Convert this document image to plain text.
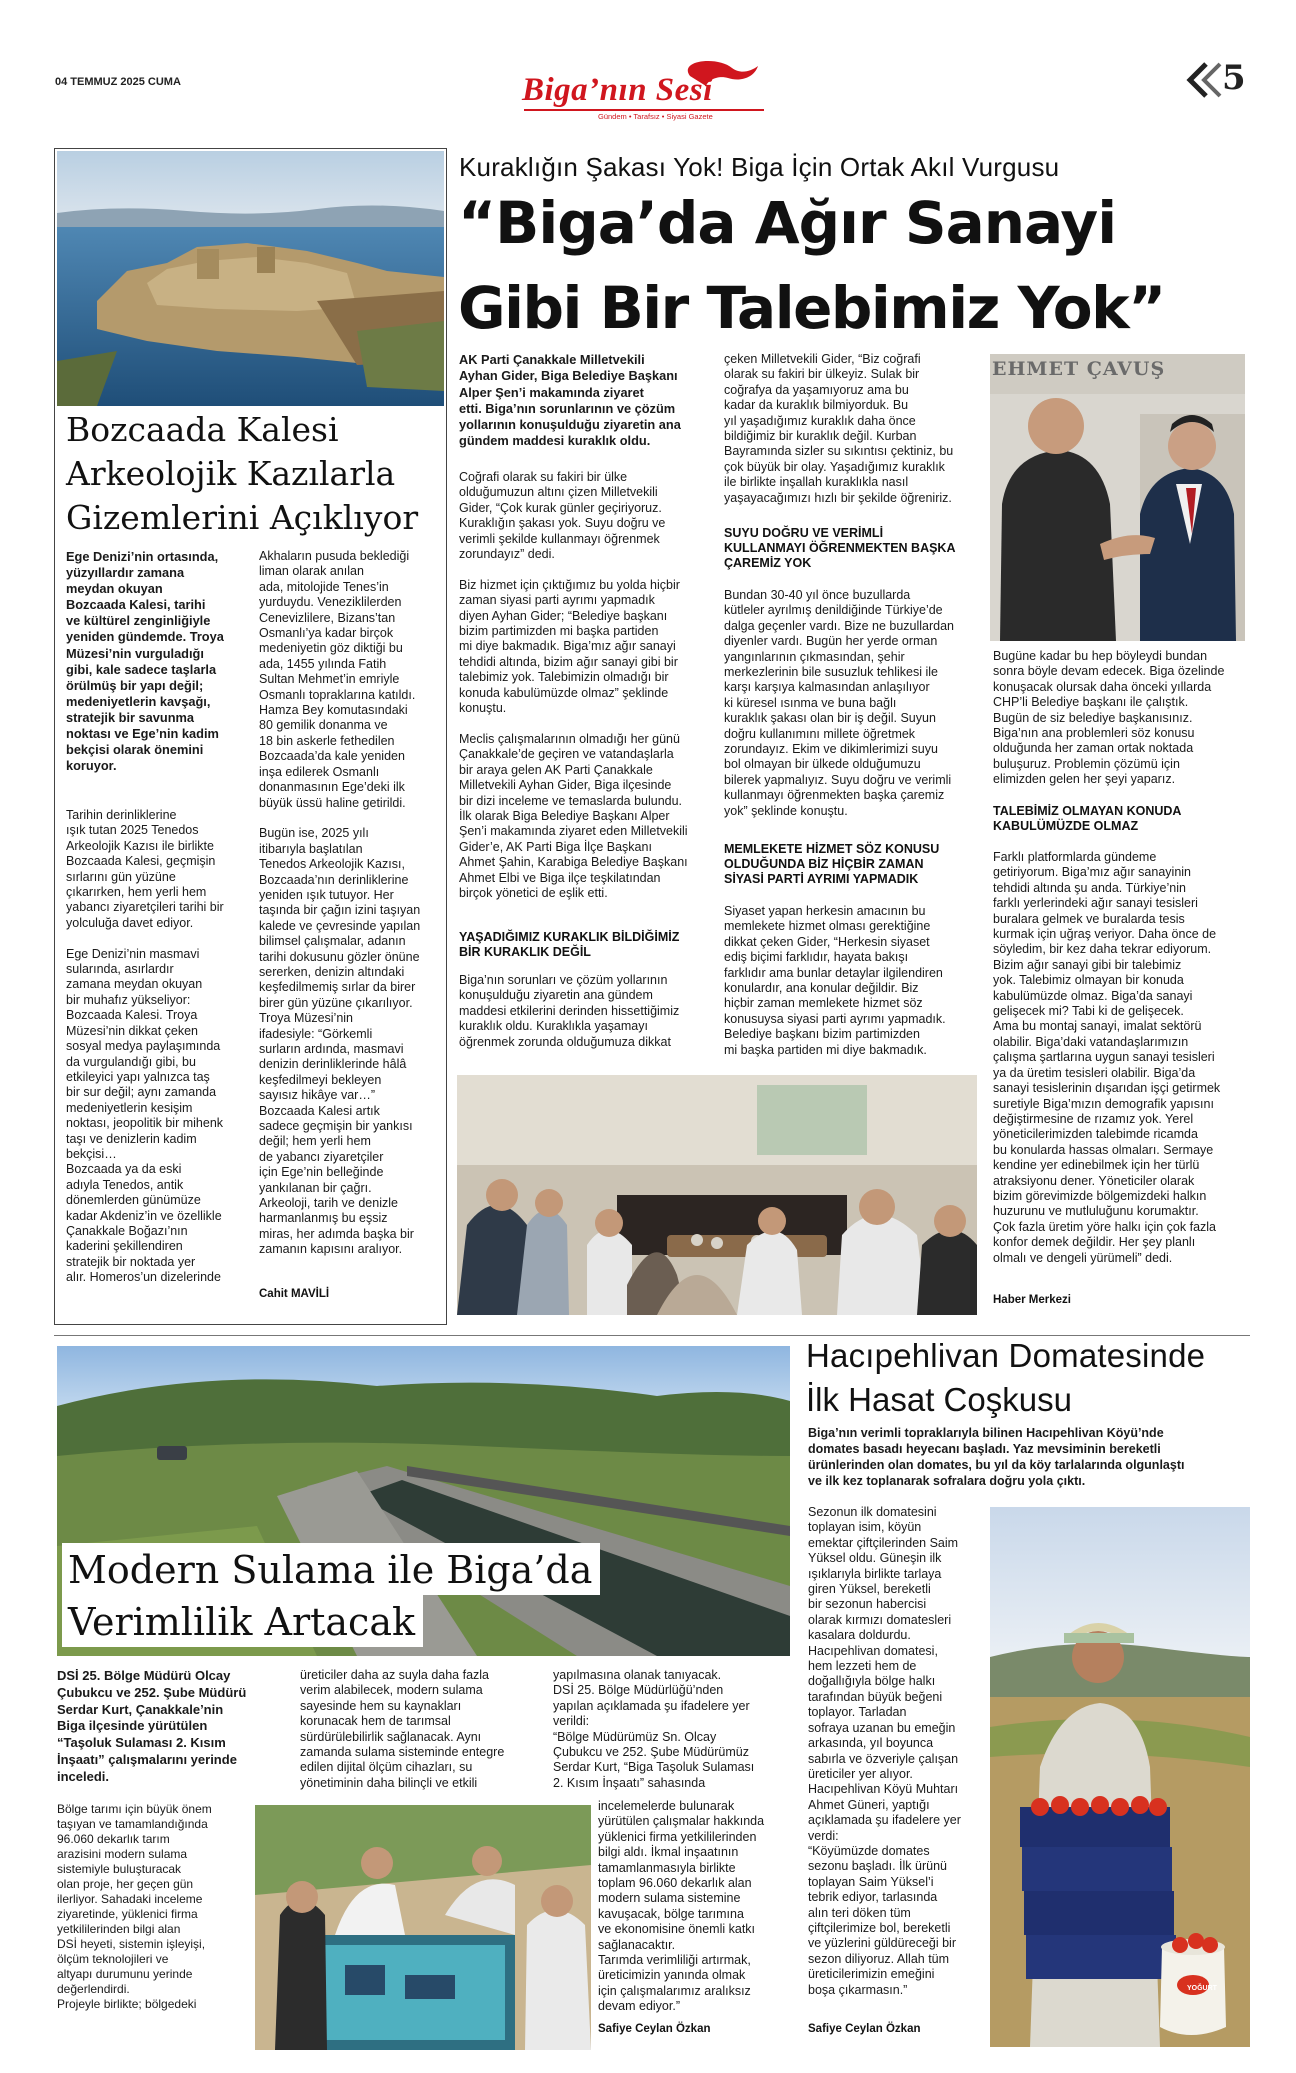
04 TEMMUZ 2025 CUMA	Biga’nın Sesi
Gündem • Tarafsız • Siyasi Gazete
5
Bozcaada Kalesi
Arkeolojik Kazılarla
Gizemlerini Açıklıyor
Ege Denizi’nin ortasında,
yüzyıllardır zamana
meydan okuyan
Bozcaada Kalesi, tarihi
ve kültürel zenginliğiyle
yeniden gündemde. Troya
Müzesi’nin vurguladığı
gibi, kale sadece taşlarla
örülmüş bir yapı değil;
medeniyetlerin kavşağı,
stratejik bir savunma
noktası ve Ege’nin kadim
bekçisi olarak önemini
koruyor.
Tarihin derinliklerine
ışık tutan 2025 Tenedos
Arkeolojik Kazısı ile birlikte
Bozcaada Kalesi, geçmişin
sırlarını gün yüzüne
çıkarırken, hem yerli hem
yabancı ziyaretçileri tarihi bir
yolculuğa davet ediyor.

Ege Denizi’nin masmavi
sularında, asırlardır
zamana meydan okuyan
bir muhafız yükseliyor:
Bozcaada Kalesi. Troya
Müzesi’nin dikkat çeken
sosyal medya paylaşımında
da vurgulandığı gibi, bu
etkileyici yapı yalnızca taş
bir sur değil; aynı zamanda
medeniyetlerin kesişim
noktası, jeopolitik bir mihenk
taşı ve denizlerin kadim
bekçisi…
Bozcaada ya da eski
adıyla Tenedos, antik
dönemlerden günümüze
kadar Akdeniz’in ve özellikle
Çanakkale Boğazı’nın
kaderini şekillendiren
stratejik bir noktada yer
alır. Homeros’un dizelerinde
Akhaların pusuda beklediği
liman olarak anılan
ada, mitolojide Tenes’in
yurduydu. Veneziklilerden
Cenevizlilere, Bizans’tan
Osmanlı’ya kadar birçok
medeniyetin göz diktiği bu
ada, 1455 yılında Fatih
Sultan Mehmet’in emriyle
Osmanlı topraklarına katıldı.
Hamza Bey komutasındaki
80 gemilik donanma ve
18 bin askerle fethedilen
Bozcaada’da kale yeniden
inşa edilerek Osmanlı
donanmasının Ege’deki ilk
büyük üssü haline getirildi.

Bugün ise, 2025 yılı
itibarıyla başlatılan
Tenedos Arkeolojik Kazısı,
Bozcaada’nın derinliklerine
yeniden ışık tutuyor. Her
taşında bir çağın izini taşıyan
kalede ve çevresinde yapılan
bilimsel çalışmalar, adanın
tarihi dokusunu gözler önüne
sererken, denizin altındaki
keşfedilmemiş sırlar da birer
birer gün yüzüne çıkarılıyor.
Troya Müzesi’nin
ifadesiyle: “Görkemli
surların ardında, masmavi
denizin derinliklerinde hâlâ
keşfedilmeyi bekleyen
sayısız hikâye var…”
Bozcaada Kalesi artık
sadece geçmişin bir yankısı
değil; hem yerli hem
de yabancı ziyaretçiler
için Ege’nin belleğinde
yankılanan bir çağrı.
Arkeoloji, tarih ve denizle
harmanlanmış bu eşsiz
miras, her adımda başka bir
zamanın kapısını aralıyor.
Cahit MAVİLİ
Kuraklığın Şakası Yok! Biga İçin Ortak Akıl Vurgusu
“Biga’da Ağır Sanayi
Gibi Bir Talebimiz Yok”
AK Parti Çanakkale Milletvekili
Ayhan Gider, Biga Belediye Başkanı
Alper Şen’i makamında ziyaret
etti. Biga’nın sorunlarının ve çözüm
yollarının konuşulduğu ziyaretin ana
gündem maddesi kuraklık oldu.
Coğrafi olarak su fakiri bir ülke
olduğumuzun altını çizen Milletvekili
Gider, “Çok kurak günler geçiriyoruz.
Kuraklığın şakası yok. Suyu doğru ve
verimli şekilde kullanmayı öğrenmek
zorundayız” dedi.

Biz hizmet için çıktığımız bu yolda hiçbir
zaman siyasi parti ayrımı yapmadık
diyen Ayhan Gider; “Belediye başkanı
bizim partimizden mi başka partiden
mi diye bakmadık. Biga’mız ağır sanayi
tehdidi altında, bizim ağır sanayi gibi bir
talebimiz yok. Talebimizin olmadığı bir
konuda kabulümüzde olmaz” şeklinde
konuştu.

Meclis çalışmalarının olmadığı her günü
Çanakkale’de geçiren ve vatandaşlarla
bir araya gelen AK Parti Çanakkale
Milletvekili Ayhan Gider, Biga ilçesinde
bir dizi inceleme ve temaslarda bulundu.
İlk olarak Biga Belediye Başkanı Alper
Şen’i makamında ziyaret eden Milletvekili
Gider’e, AK Parti Biga İlçe Başkanı
Ahmet Şahin, Karabiga Belediye Başkanı
Ahmet Elbi ve Biga ilçe teşkilatından
birçok yönetici de eşlik etti.
YAŞADIĞIMIZ KURAKLIK BİLDİĞİMİZ
BİR KURAKLIK DEĞİL
Biga’nın sorunları ve çözüm yollarının
konuşulduğu ziyaretin ana gündem
maddesi etkilerini derinden hissettiğimiz
kuraklık oldu. Kuraklıkla yaşamayı
öğrenmek zorunda olduğumuza dikkat
çeken Milletvekili Gider, “Biz coğrafi
olarak su fakiri bir ülkeyiz. Sulak bir
coğrafya da yaşamıyoruz ama bu
kadar da kuraklık bilmiyorduk. Bu
yıl yaşadığımız kuraklık daha önce
bildiğimiz bir kuraklık değil. Kurban
Bayramında sizler su sıkıntısı çektiniz, bu
çok büyük bir olay. Yaşadığımız kuraklık
ile birlikte inşallah kuraklıkla nasıl
yaşayacağımızı hızlı bir şekilde öğreniriz.
SUYU DOĞRU VE VERİMLİ
KULLANMAYI ÖĞRENMEKTEN BAŞKA
ÇAREMİZ YOK
Bundan 30-40 yıl önce buzullarda
kütleler ayrılmış denildiğinde Türkiye’de
dalga geçenler vardı. Bize ne buzullardan
diyenler vardı. Bugün her yerde orman
yangınlarının çıkmasından, şehir
merkezlerinin bile susuzluk tehlikesi ile
karşı karşıya kalmasından anlaşılıyor
ki küresel ısınma ve buna bağlı
kuraklık şakası olan bir iş değil. Suyun
doğru kullanımını millete öğretmek
zorundayız. Ekim ve dikimlerimizi suyu
bol olmayan bir ülkede olduğumuzu
bilerek yapmalıyız. Suyu doğru ve verimli
kullanmayı öğrenmekten başka çaremiz
yok” şeklinde konuştu.
MEMLEKETE HİZMET SÖZ KONUSU
OLDUĞUNDA BİZ HİÇBİR ZAMAN
SİYASİ PARTİ AYRIMI YAPMADIK
Siyaset yapan herkesin amacının bu
memlekete hizmet olması gerektiğine
dikkat çeken Gider, “Herkesin siyaset
ediş biçimi farklıdır, hayata bakışı
farklıdır ama bunlar detaylar ilgilendiren
konulardır, ana konular değildir. Biz
hiçbir zaman memlekete hizmet söz
konusuysa siyasi parti ayrımı yapmadık.
Belediye başkanı bizim partimizden
mi başka partiden mi diye bakmadık.
EHMET ÇAVUŞ
Bugüne kadar bu hep böyleydi bundan
sonra böyle devam edecek. Biga özelinde
konuşacak olursak daha önceki yıllarda
CHP’li Belediye başkanı ile çalıştık.
Bugün de siz belediye başkanısınız.
Biga’nın ana problemleri söz konusu
olduğunda her zaman ortak noktada
buluşuruz. Problemin çözümü için
elimizden gelen her şeyi yaparız.
TALEBİMİZ OLMAYAN KONUDA
KABULÜMÜZDE OLMAZ
Farklı platformlarda gündeme
getiriyorum. Biga’mız ağır sanayinin
tehdidi altında şu anda. Türkiye’nin
farklı yerlerindeki ağır sanayi tesisleri
buralara gelmek ve buralarda tesis
kurmak için uğraş veriyor. Daha önce de
söyledim, bir kez daha tekrar ediyorum.
Bizim ağır sanayi gibi bir talebimiz
yok. Talebimiz olmayan bir konuda
kabulümüzde olmaz. Biga’da sanayi
gelişecek mi? Tabi ki de gelişecek.
Ama bu montaj sanayi, imalat sektörü
olabilir. Biga’daki vatandaşlarımızın
çalışma şartlarına uygun sanayi tesisleri
ya da üretim tesisleri olabilir. Biga’da
sanayi tesislerinin dışarıdan işçi getirmek
suretiyle Biga’mızın demografik yapısını
değiştirmesine de rızamız yok. Yerel
yöneticilerimizden talebimde ricamda
bu konularda hassas olmaları. Sermaye
kendine yer edinebilmek için her türlü
atraksiyonu dener. Yöneticiler olarak
bizim görevimizde bölgemizdeki halkın
huzurunu ve mutluluğunu korumaktır.
Çok fazla üretim yöre halkı için çok fazla
konfor demek değildir. Her şey planlı
olmalı ve dengeli yürümeli” dedi.
Haber Merkezi
Modern Sulama ile Biga’da
Verimlilik Artacak
DSİ 25. Bölge Müdürü Olcay
Çubukcu ve 252. Şube Müdürü
Serdar Kurt, Çanakkale’nin
Biga ilçesinde yürütülen
“Taşoluk Sulaması 2. Kısım
İnşaatı” çalışmalarını yerinde
inceledi.
Bölge tarımı için büyük önem
taşıyan ve tamamlandığında
96.060 dekarlık tarım
arazisini modern sulama
sistemiyle buluşturacak
olan proje, her geçen gün
ilerliyor. Sahadaki inceleme
ziyaretinde, yüklenici firma
yetkililerinden bilgi alan
DSİ heyeti, sistemin işleyişi,
ölçüm teknolojileri ve
altyapı durumunu yerinde
değerlendirdi.
Projeyle birlikte; bölgedeki
üreticiler daha az suyla daha fazla
verim alabilecek, modern sulama
sayesinde hem su kaynakları
korunacak hem de tarımsal
sürdürülebilirlik sağlanacak. Aynı
zamanda sulama sisteminde entegre
edilen dijital ölçüm cihazları, su
yönetiminin daha bilinçli ve etkili
yapılmasına olanak tanıyacak.
DSİ 25. Bölge Müdürlüğü’nden
yapılan açıklamada şu ifadelere yer
verildi:
“Bölge Müdürümüz Sn. Olcay
Çubukcu ve 252. Şube Müdürümüz
Serdar Kurt, “Biga Taşoluk Sulaması
2. Kısım İnşaatı” sahasında
incelemelerde bulunarak
yürütülen çalışmalar hakkında
yüklenici firma yetkililerinden
bilgi aldı. İkmal inşaatının
tamamlanmasıyla birlikte
toplam 96.060 dekarlık alan
modern sulama sistemine
kavuşacak, bölge tarımına
ve ekonomisine önemli katkı
sağlanacaktır.
Tarımda verimliliği artırmak,
üreticimizin yanında olmak
için çalışmalarımız aralıksız
devam ediyor.”
Safiye Ceylan Özkan
Hacıpehlivan Domatesinde
İlk Hasat Coşkusu
Biga’nın verimli topraklarıyla bilinen Hacıpehlivan Köyü’nde
domates basadı heyecanı başladı. Yaz mevsiminin bereketli
ürünlerinden olan domates, bu yıl da köy tarlalarında olgunlaştı
ve ilk kez toplanarak sofralara doğru yola çıktı.
Sezonun ilk domatesini
toplayan isim, köyün
emektar çiftçilerinden Saim
Yüksel oldu. Güneşin ilk
ışıklarıyla birlikte tarlaya
giren Yüksel, bereketli
bir sezonun habercisi
olarak kırmızı domatesleri
kasalara doldurdu.
Hacıpehlivan domatesi,
hem lezzeti hem de
doğallığıyla bölge halkı
tarafından büyük beğeni
toplayor. Tarladan
sofraya uzanan bu emeğin
arkasında, yıl boyunca
sabırla ve özveriyle çalışan
üreticiler yer alıyor.
Hacıpehlivan Köyü Muhtarı
Ahmet Güneri, yaptığı
açıklamada şu ifadelere yer
verdi:
“Köyümüzde domates
sezonu başladı. İlk ürünü
toplayan Saim Yüksel’i
tebrik ediyor, tarlasında
alın teri döken tüm
çiftçilerimize bol, bereketli
ve yüzlerini güldüreceği bir
sezon diliyoruz. Allah tüm
üreticilerimizin emeğini
boşa çıkarmasın.”
Safiye Ceylan Özkan
YOĞURT
